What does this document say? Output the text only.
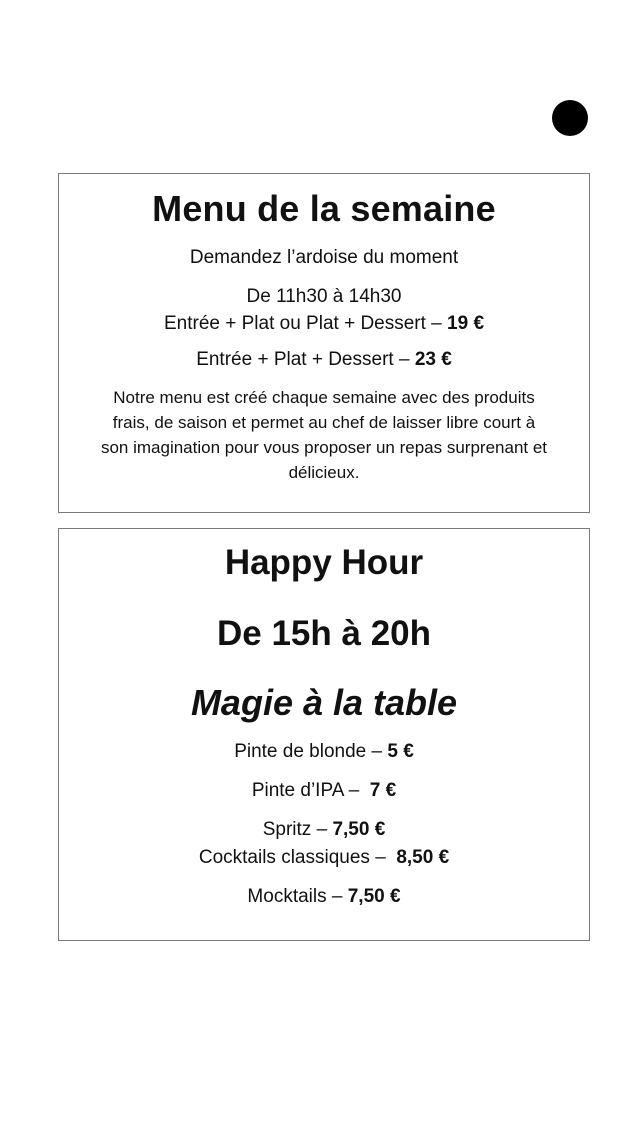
Menu de la semaine

Demandez l’ardoise du moment

De 11h30 à 14h30

Entrée + Plat ou Plat + Dessert – 19 €

Entrée + Plat + Dessert – 23 €

Notre menu est créé chaque semaine avec des produits frais, de saison et permet au chef de laisser libre court à son imagination pour vous proposer un repas surprenant et délicieux.

Happy Hour
De 15h à 20h
Magie à la table

Pinte de blonde – 5 €

Pinte d’IPA –  7 €

Spritz – 7,50 €

Cocktails classiques –  8,50 €

Mocktails – 7,50 €
